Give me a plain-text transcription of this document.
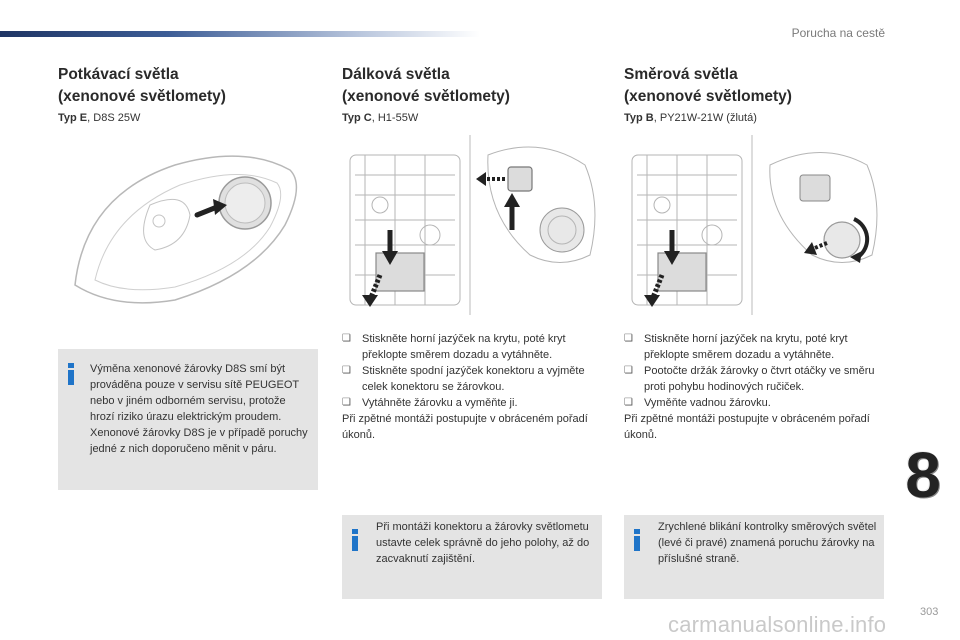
Porucha na cestě
Potkávací světla
(xenonové světlomety)
Typ E, D8S 25W
Výměna xenonové žárovky D8S smí být prováděna pouze v servisu sítě PEUGEOT nebo v jiném odborném servisu, protože hrozí riziko úrazu elektrickým proudem. Xenonové žárovky D8S je v případě poruchy jedné z nich doporučeno měnit v páru.
Dálková světla
(xenonové světlomety)
Typ C, H1-55W
❏ Stiskněte horní jazýček na krytu, poté kryt překlopte směrem dozadu a vytáhněte.
❏ Stiskněte spodní jazýček konektoru a vyjměte celek konektoru se žárovkou.
❏ Vytáhněte žárovku a vyměňte ji.
Při zpětné montáži postupujte v obráceném pořadí úkonů.
Při montáži konektoru a žárovky světlometu ustavte celek správně do jeho polohy, až do zacvaknutí zajištění.
Směrová světla
(xenonové světlomety)
Typ B, PY21W-21W (žlutá)
❏ Stiskněte horní jazýček na krytu, poté kryt překlopte směrem dozadu a vytáhněte.
❏ Pootočte držák žárovky o čtvrt otáčky ve směru proti pohybu hodinových ručiček.
❏ Vyměňte vadnou žárovku.
Při zpětné montáži postupujte v obráceném pořadí úkonů.
Zrychlené blikání kontrolky směrových světel (levé či pravé) znamená poruchu žárovky na příslušné straně.
8
303
carmanualsonline.info
